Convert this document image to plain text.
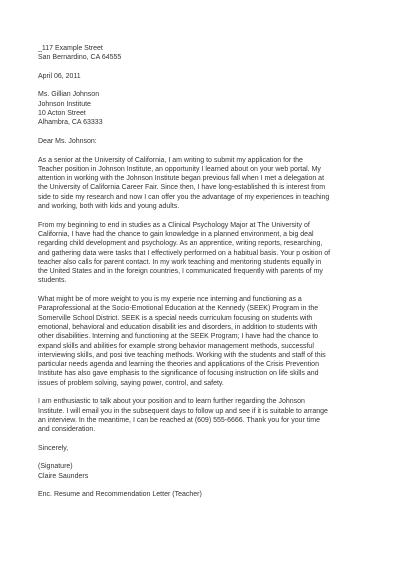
_117 Example Street
San Bernardino, CA 64555
April 06, 2011
Ms. Gillian Johnson
Johnson Institute
10 Acton Street
Alhambra, CA 63333
Dear Ms. Johnson:
As a senior at the University of California, I am writing to submit my application for the
Teacher position in Johnson Institute, an opportunity I learned about on your web portal. My
attention in working with the Johnson Institute began previous fall when I met a delegation at
the University of California Career Fair. Since then, I have long-established th is interest from
side to side my research and now I can offer you the advantage of my experiences in teaching
and working, both with kids and young adults.
From my beginning to end in studies as a Clinical Psychology Major at The University of
California, I have had the chance to gain knowledge in a planned environment, a big deal
regarding child development and psychology. As an apprentice, writing reports, researching,
and gathering data were tasks that I effectively performed on a habitual basis. Your p osition of
teacher also calls for parent contact. In my work teaching and mentoring students equally in
the United States and in the foreign countries, I communicated frequently with parents of my
students.
What might be of more weight to you is my experie nce interning and functioning as a
Paraprofessional at the Socio-Emotional Education at the Kennedy (SEEK) Program in the
Somerville School District. SEEK is a special needs curriculum focusing on students with
emotional, behavioral and education disabilit ies and disorders, in addition to students with
other disabilities. Interning and functioning at the SEEK Program; I have had the chance to
expand skills and abilities for example strong behavior management methods, successful
interviewing skills, and posi tive teaching methods. Working with the students and staff of this
particular needs agenda and learning the theories and applications of the Crisis Prevention
Institute has also gave emphasis to the significance of focusing instruction on life skills and
issues of problem solving, saying power, control, and safety.
I am enthusiastic to talk about your position and to learn further regarding the Johnson
Institute. I will email you in the subsequent days to follow up and see if it is suitable to arrange
an interview. In the meantime, I can be reached at (609) 555-6666. Thank you for your time
and consideration.
Sincerely,
(Signature)
Claire Saunders
Enc. Resume and Recommendation Letter (Teacher)
